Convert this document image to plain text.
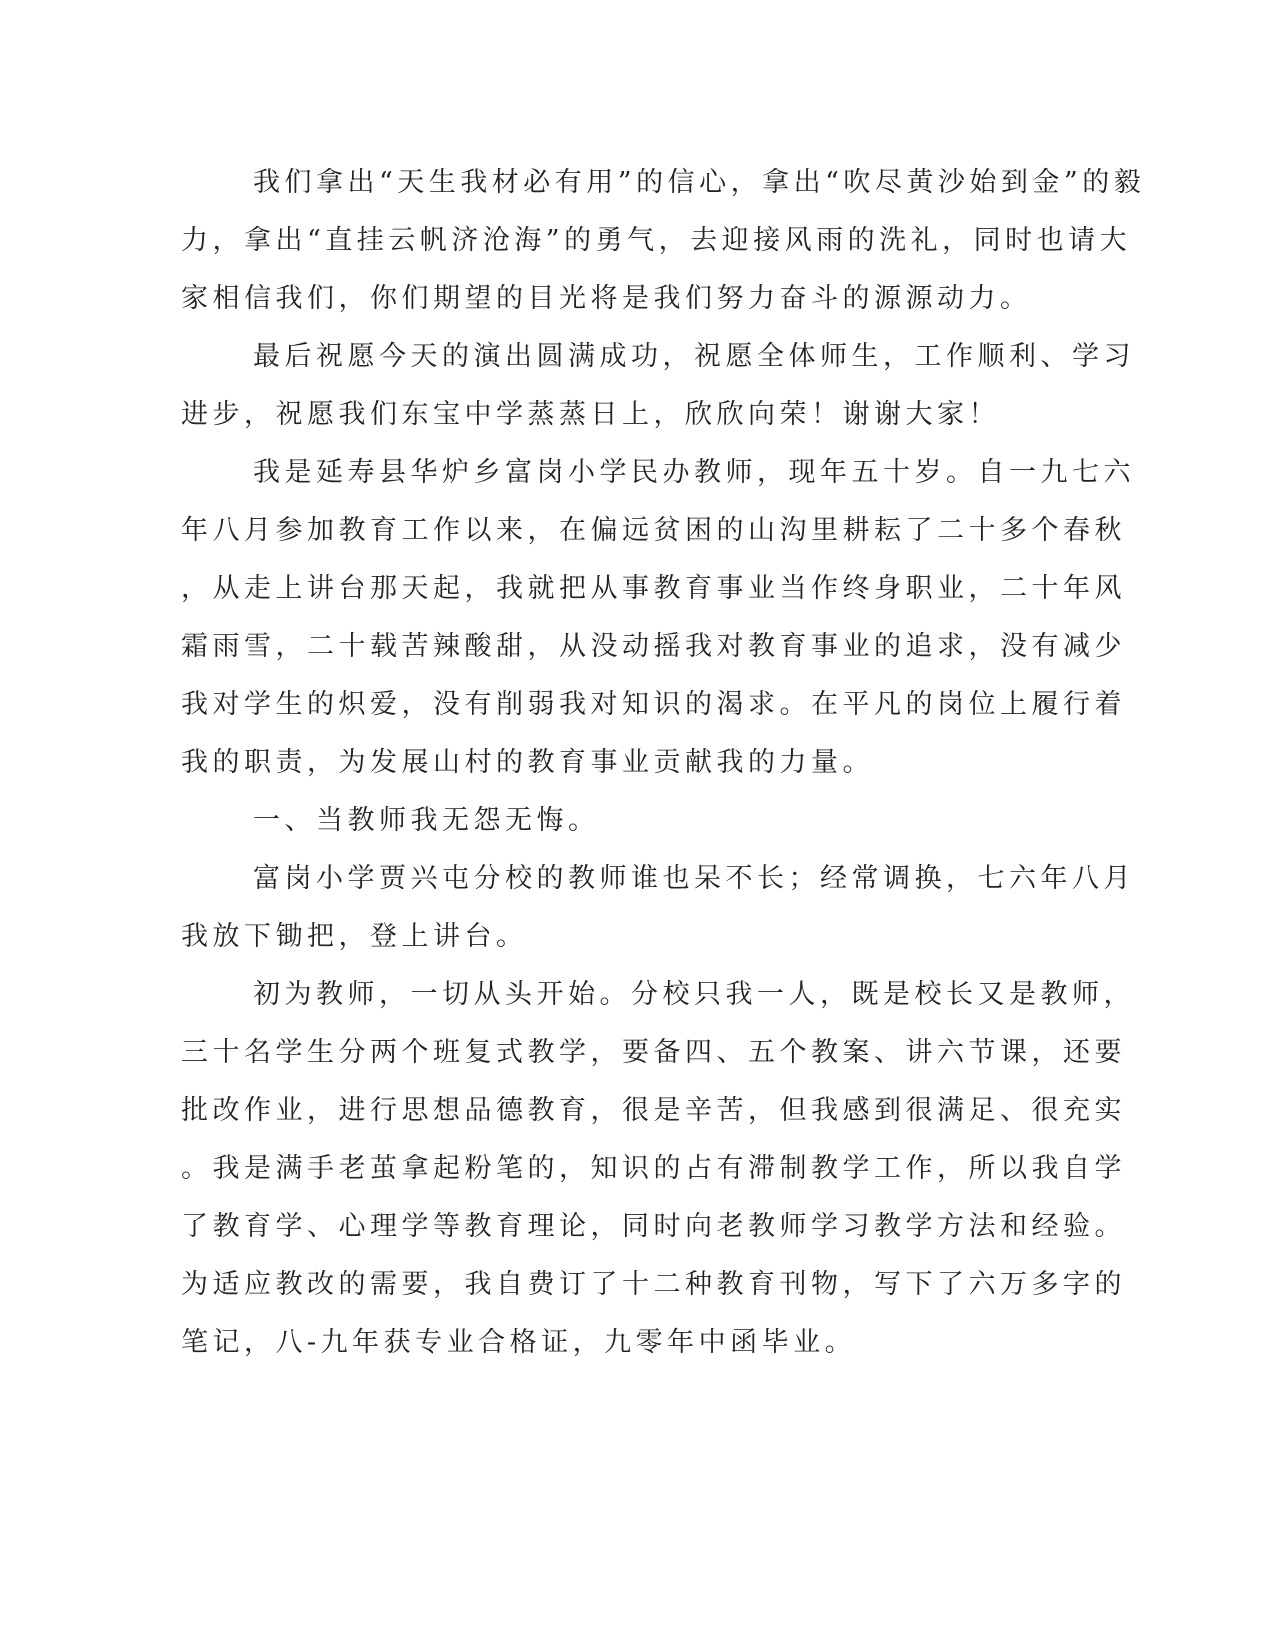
我们拿出“天生我材必有用”的信心，拿出“吹尽黄沙始到金”的毅
力，拿出“直挂云帆济沧海”的勇气，去迎接风雨的洗礼，同时也请大
家相信我们，你们期望的目光将是我们努力奋斗的源源动力。
最后祝愿今天的演出圆满成功，祝愿全体师生，工作顺利、学习
进步，祝愿我们东宝中学蒸蒸日上，欣欣向荣！谢谢大家！
我是延寿县华炉乡富岗小学民办教师，现年五十岁。自一九七六
年八月参加教育工作以来，在偏远贫困的山沟里耕耘了二十多个春秋
，从走上讲台那天起，我就把从事教育事业当作终身职业，二十年风
霜雨雪，二十载苦辣酸甜，从没动摇我对教育事业的追求，没有减少
我对学生的炽爱，没有削弱我对知识的渴求。在平凡的岗位上履行着
我的职责，为发展山村的教育事业贡献我的力量。
一、当教师我无怨无悔。
富岗小学贾兴屯分校的教师谁也呆不长；经常调换，七六年八月
我放下锄把，登上讲台。
初为教师，一切从头开始。分校只我一人，既是校长又是教师，
三十名学生分两个班复式教学，要备四、五个教案、讲六节课，还要
批改作业，进行思想品德教育，很是辛苦，但我感到很满足、很充实
。我是满手老茧拿起粉笔的，知识的占有滞制教学工作，所以我自学
了教育学、心理学等教育理论，同时向老教师学习教学方法和经验。
为适应教改的需要，我自费订了十二种教育刊物，写下了六万多字的
笔记，八-九年获专业合格证，九零年中函毕业。
